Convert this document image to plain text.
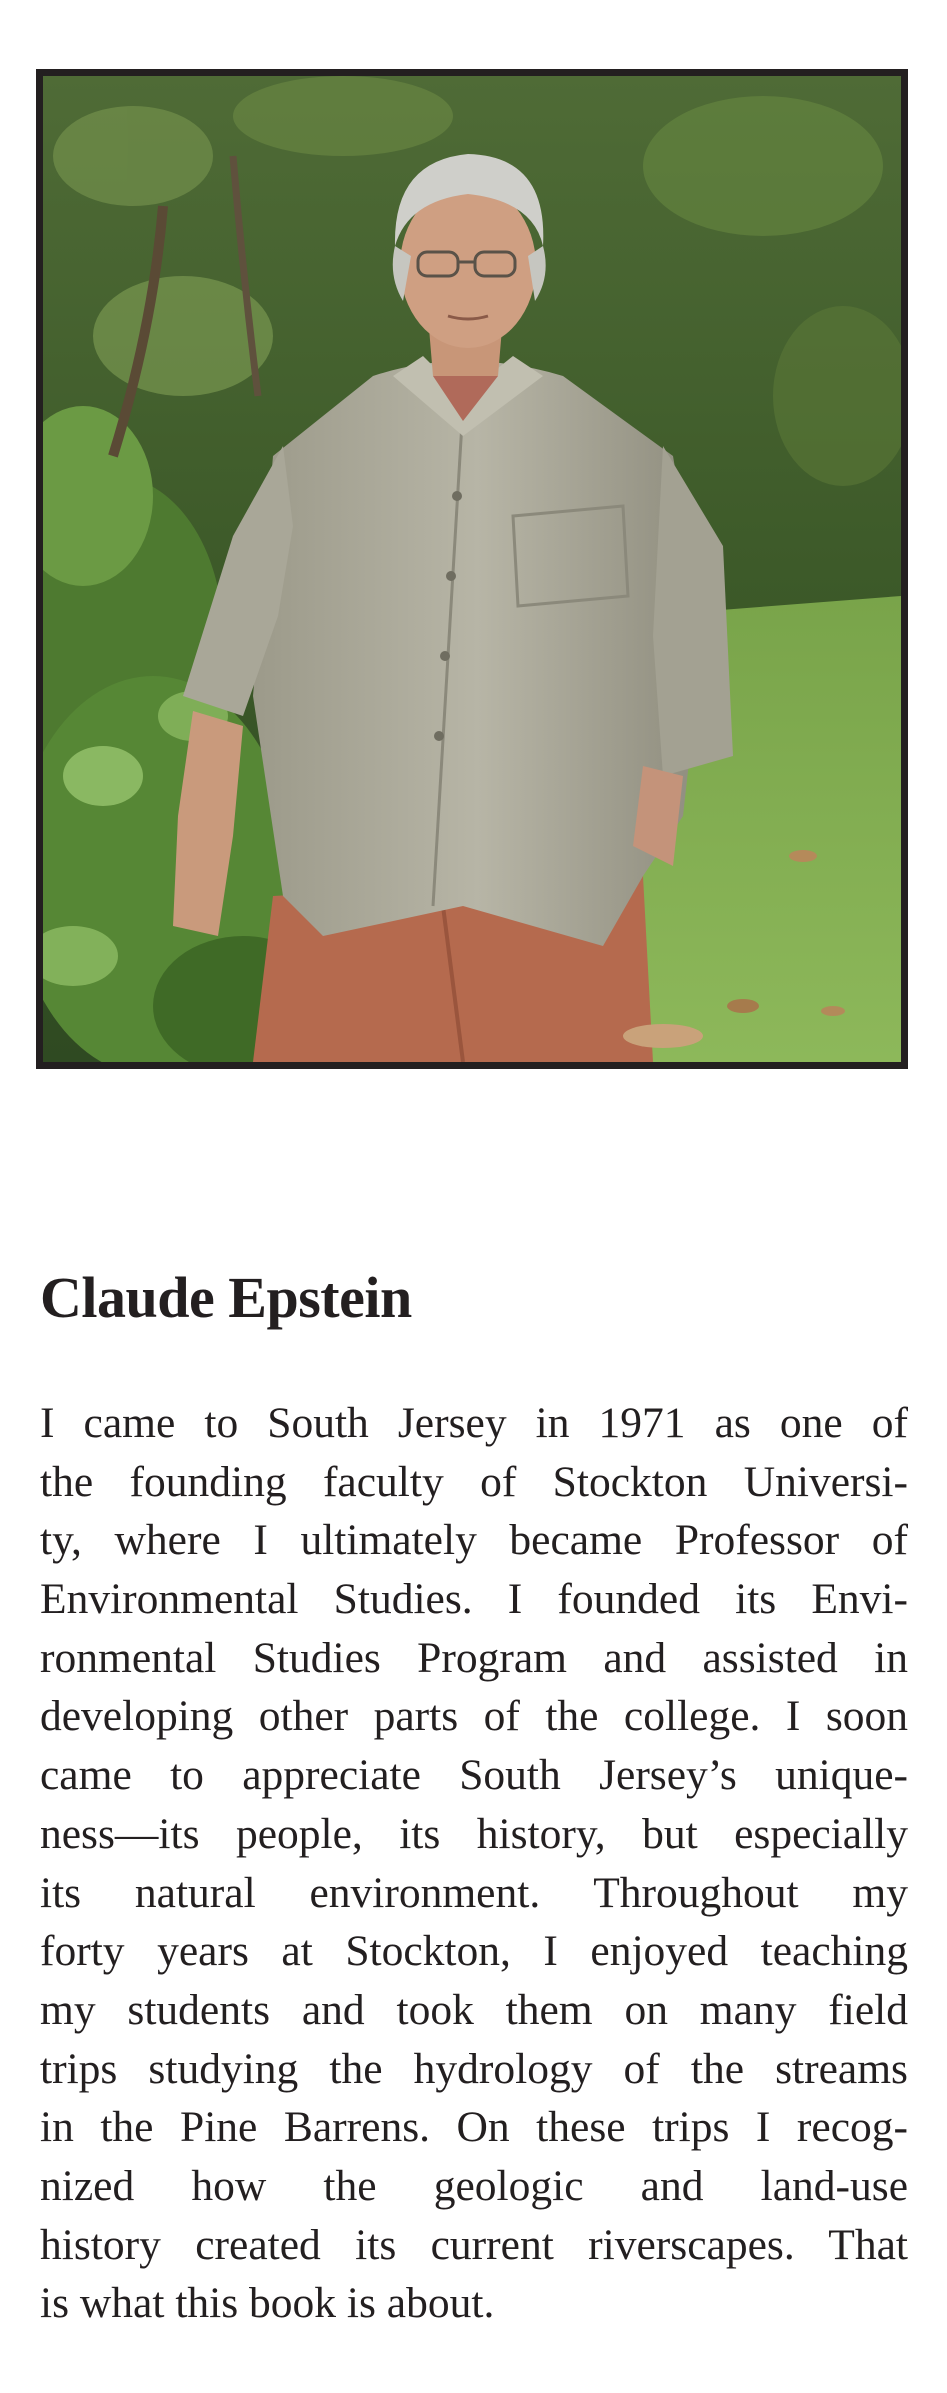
Claude Epstein
I came to South Jersey in 1971 as one of
the founding faculty of Stockton Universi-
ty, where I ultimately became Professor of
Environmental Studies. I founded its Envi-
ronmental Studies Program and assisted in
developing other parts of the college. I soon
came to appreciate South Jersey’s unique-
ness—its people, its history, but especially
its natural environment. Throughout my
forty years at Stockton, I enjoyed teaching
my students and took them on many field
trips studying the hydrology of the streams
in the Pine Barrens. On these trips I recog-
nized how the geologic and land-use
history created its current riverscapes. That
is what this book is about.
